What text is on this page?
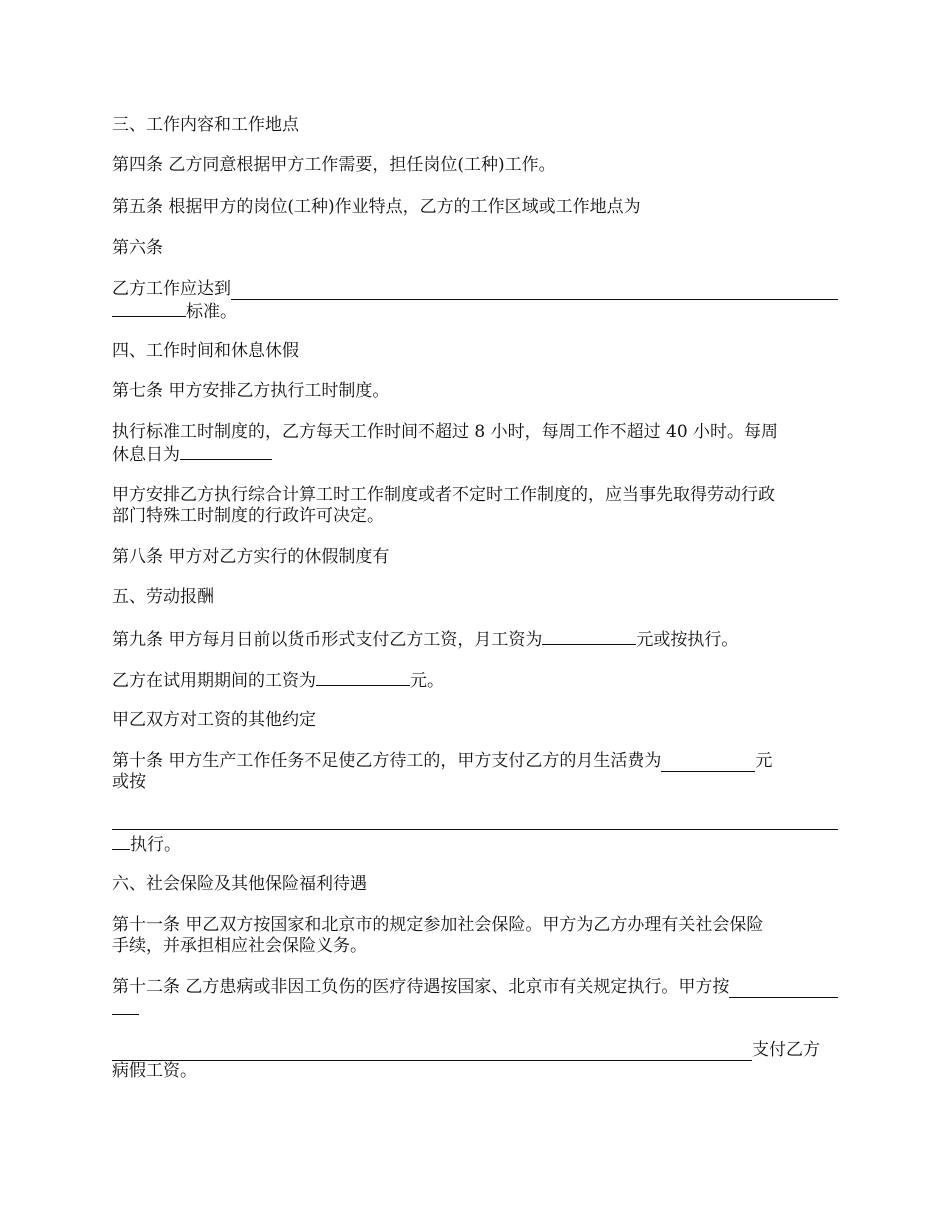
三、工作内容和工作地点
第四条 乙方同意根据甲方工作需要，担任岗位(工种)工作。
第五条 根据甲方的岗位(工种)作业特点，乙方的工作区域或工作地点为
第六条
乙方工作应达到
标准。
四、工作时间和休息休假
第七条 甲方安排乙方执行工时制度。
执行标准工时制度的，乙方每天工作时间不超过 8 小时，每周工作不超过 40 小时。每周
休息日为
甲方安排乙方执行综合计算工时工作制度或者不定时工作制度的，应当事先取得劳动行政
部门特殊工时制度的行政许可决定。
第八条 甲方对乙方实行的休假制度有
五、劳动报酬
第九条 甲方每月日前以货币形式支付乙方工资，月工资为	元或按执行。
乙方在试用期期间的工资为	元。
甲乙双方对工资的其他约定
第十条 甲方生产工作任务不足使乙方待工的，甲方支付乙方的月生活费为	元
或按
执行。
六、社会保险及其他保险福利待遇
第十一条 甲乙双方按国家和北京市的规定参加社会保险。甲方为乙方办理有关社会保险
手续，并承担相应社会保险义务。
第十二条 乙方患病或非因工负伤的医疗待遇按国家、北京市有关规定执行。甲方按
支付乙方
病假工资。
